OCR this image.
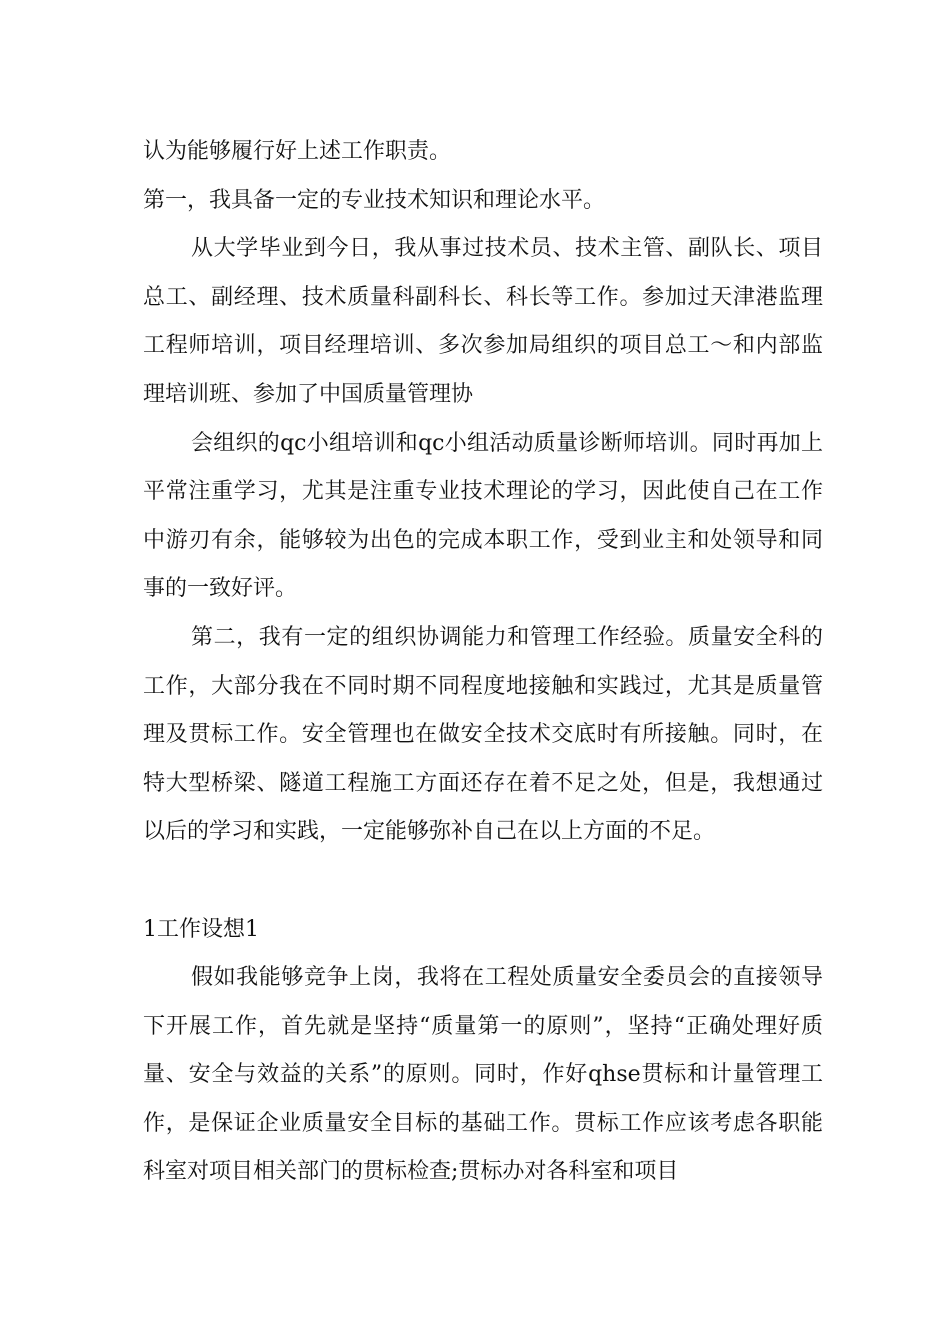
认为能够履行好上述工作职责。

第一，我具备一定的专业技术知识和理论水平。

从大学毕业到今日，我从事过技术员、技术主管、副队长、项目总工、副经理、技术质量科副科长、科长等工作。参加过天津港监理工程师培训，项目经理培训、多次参加局组织的项目总工～和内部监理培训班、参加了中国质量管理协

会组织的qc小组培训和qc小组活动质量诊断师培训。同时再加上平常注重学习，尤其是注重专业技术理论的学习，因此使自己在工作中游刃有余，能够较为出色的完成本职工作，受到业主和处领导和同事的一致好评。

第二，我有一定的组织协调能力和管理工作经验。质量安全科的工作，大部分我在不同时期不同程度地接触和实践过，尤其是质量管理及贯标工作。安全管理也在做安全技术交底时有所接触。同时，在特大型桥梁、隧道工程施工方面还存在着不足之处，但是，我想通过以后的学习和实践，一定能够弥补自己在以上方面的不足。

1工作设想1

假如我能够竞争上岗，我将在工程处质量安全委员会的直接领导下开展工作，首先就是坚持“质量第一的原则”，坚持“正确处理好质量、安全与效益的关系”的原则。同时，作好qhse贯标和计量管理工作，是保证企业质量安全目标的基础工作。贯标工作应该考虑各职能科室对项目相关部门的贯标检查;贯标办对各科室和项目
